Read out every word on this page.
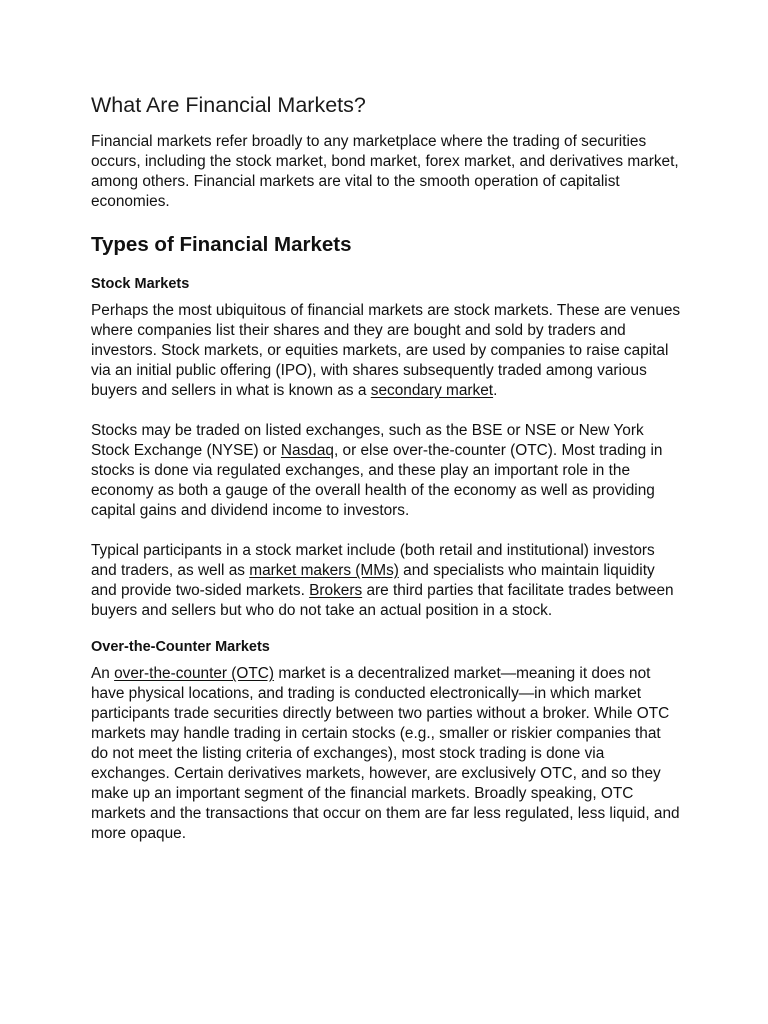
What Are Financial Markets?

Financial markets refer broadly to any marketplace where the trading of securities occurs, including the stock market, bond market, forex market, and derivatives market, among others. Financial markets are vital to the smooth operation of capitalist economies.

Types of Financial Markets
Stock Markets

Perhaps the most ubiquitous of financial markets are stock markets. These are venues where companies list their shares and they are bought and sold by traders and investors. Stock markets, or equities markets, are used by companies to raise capital via an initial public offering (IPO), with shares subsequently traded among various buyers and sellers in what is known as a secondary market.

Stocks may be traded on listed exchanges, such as the BSE or NSE or New York Stock Exchange (NYSE) or Nasdaq, or else over-the-counter (OTC). Most trading in stocks is done via regulated exchanges, and these play an important role in the economy as both a gauge of the overall health of the economy as well as providing capital gains and dividend income to investors.

Typical participants in a stock market include (both retail and institutional) investors and traders, as well as market makers (MMs) and specialists who maintain liquidity and provide two-sided markets. Brokers are third parties that facilitate trades between buyers and sellers but who do not take an actual position in a stock.

Over-the-Counter Markets

An over-the-counter (OTC) market is a decentralized market—meaning it does not have physical locations, and trading is conducted electronically—in which market participants trade securities directly between two parties without a broker. While OTC markets may handle trading in certain stocks (e.g., smaller or riskier companies that do not meet the listing criteria of exchanges), most stock trading is done via exchanges. Certain derivatives markets, however, are exclusively OTC, and so they make up an important segment of the financial markets. Broadly speaking, OTC markets and the transactions that occur on them are far less regulated, less liquid, and more opaque.
